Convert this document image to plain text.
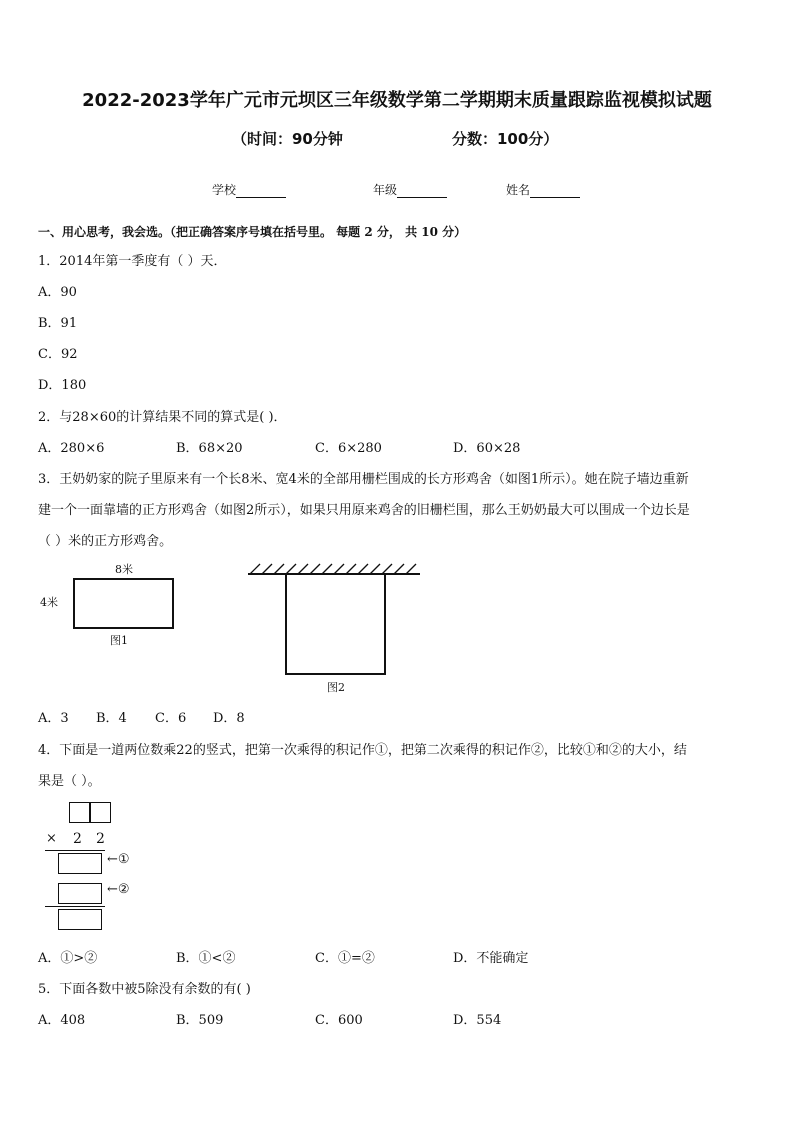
2022-2023学年广元市元坝区三年级数学第二学期期末质量跟踪监视模拟试题
（时间：90分钟	分数：100分）
学校	年级	姓名
一、用心思考，我会选。（把正确答案序号填在括号里。 每题 2 分， 共 10 分）
1．2014年第一季度有（ ）天．
A．90
B．91
C．92
D．180
2．与28×60的计算结果不同的算式是( )．
A．280×6	B．68×20	C．6×280	D．60×28
3．王奶奶家的院子里原来有一个长8米、宽4米的全部用栅栏围成的长方形鸡舍（如图1所示）。她在院子墙边重新
建一个一面靠墙的正方形鸡舍（如图2所示），如果只用原来鸡舍的旧栅栏围，那么王奶奶最大可以围成一个边长是
（ ）米的正方形鸡舍。
8米
4米
图1
图2
A．3 B．4 C．6 D．8
4．下面是一道两位数乘22的竖式，把第一次乘得的积记作①，把第二次乘得的积记作②，比较①和②的大小，结
果是（ ）。
× 2 2
←①
←②
A．①>②	B．①<②	C．①=②	D．不能确定
5．下面各数中被5除没有余数的有( )
A．408	B．509	C．600	D．554
